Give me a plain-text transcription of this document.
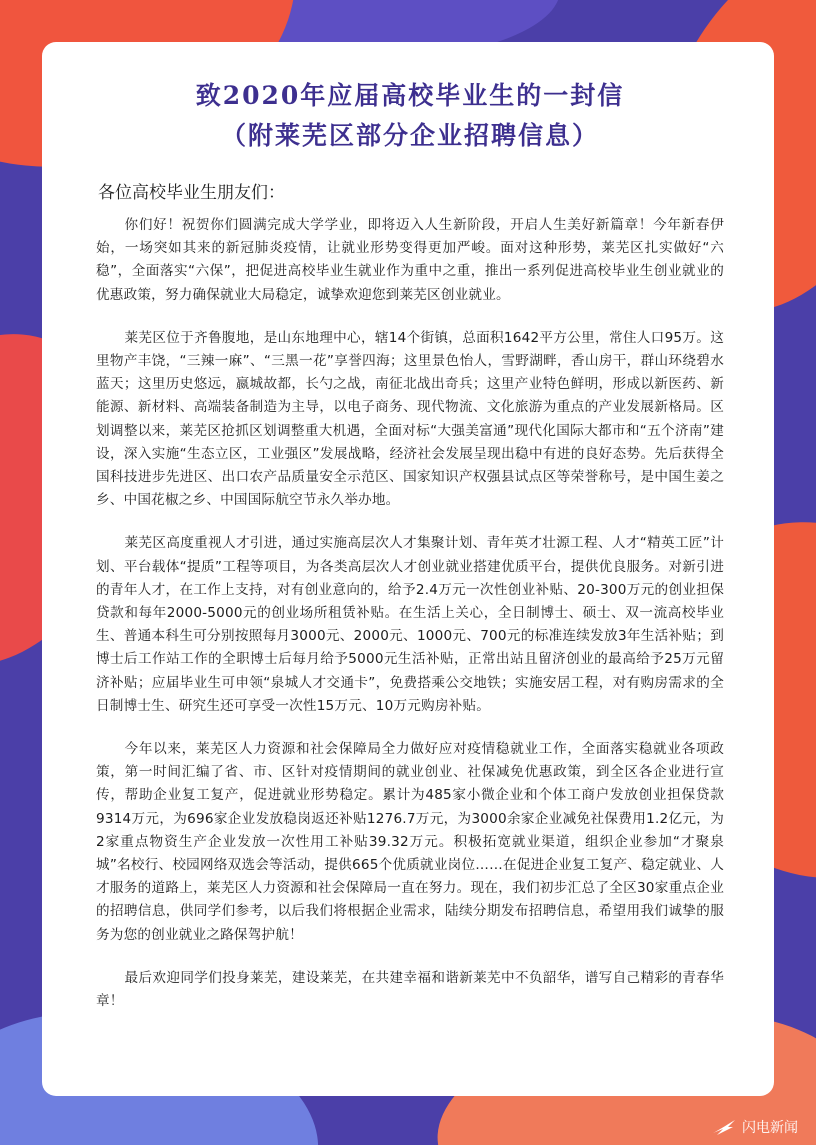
致2020年应届高校毕业生的一封信
（附莱芜区部分企业招聘信息）
各位高校毕业生朋友们：

你们好！祝贺你们圆满完成大学学业，即将迈入人生新阶段，开启人生美好新篇章！今年新春伊始，一场突如其来的新冠肺炎疫情，让就业形势变得更加严峻。面对这种形势，莱芜区扎实做好“六稳”，全面落实“六保”，把促进高校毕业生就业作为重中之重，推出一系列促进高校毕业生创业就业的优惠政策，努力确保就业大局稳定，诚挚欢迎您到莱芜区创业就业。

莱芜区位于齐鲁腹地，是山东地理中心，辖14个街镇，总面积1642平方公里，常住人口95万。这里物产丰饶，“三辣一麻”、“三黑一花”享誉四海；这里景色怡人，雪野湖畔，香山房干，群山环绕碧水蓝天；这里历史悠远，嬴城故都，长勺之战，南征北战出奇兵；这里产业特色鲜明，形成以新医药、新能源、新材料、高端装备制造为主导，以电子商务、现代物流、文化旅游为重点的产业发展新格局。区划调整以来，莱芜区抢抓区划调整重大机遇，全面对标“大强美富通”现代化国际大都市和“五个济南”建设，深入实施“生态立区，工业强区”发展战略，经济社会发展呈现出稳中有进的良好态势。先后获得全国科技进步先进区、出口农产品质量安全示范区、国家知识产权强县试点区等荣誉称号，是中国生姜之乡、中国花椒之乡、中国国际航空节永久举办地。

莱芜区高度重视人才引进，通过实施高层次人才集聚计划、青年英才壮源工程、人才“精英工匠”计划、平台载体“提质”工程等项目，为各类高层次人才创业就业搭建优质平台，提供优良服务。对新引进的青年人才，在工作上支持，对有创业意向的，给予2.4万元一次性创业补贴、20-300万元的创业担保贷款和每年2000-5000元的创业场所租赁补贴。在生活上关心，全日制博士、硕士、双一流高校毕业生、普通本科生可分别按照每月3000元、2000元、1000元、700元的标准连续发放3年生活补贴；到博士后工作站工作的全职博士后每月给予5000元生活补贴，正常出站且留济创业的最高给予25万元留济补贴；应届毕业生可申领“泉城人才交通卡”，免费搭乘公交地铁；实施安居工程，对有购房需求的全日制博士生、研究生还可享受一次性15万元、10万元购房补贴。

今年以来，莱芜区人力资源和社会保障局全力做好应对疫情稳就业工作，全面落实稳就业各项政策，第一时间汇编了省、市、区针对疫情期间的就业创业、社保减免优惠政策，到全区各企业进行宣传，帮助企业复工复产，促进就业形势稳定。累计为485家小微企业和个体工商户发放创业担保贷款9314万元，为696家企业发放稳岗返还补贴1276.7万元，为3000余家企业减免社保费用1.2亿元，为2家重点物资生产企业发放一次性用工补贴39.32万元。积极拓宽就业渠道，组织企业参加“才聚泉城”名校行、校园网络双选会等活动，提供665个优质就业岗位……在促进企业复工复产、稳定就业、人才服务的道路上，莱芜区人力资源和社会保障局一直在努力。现在，我们初步汇总了全区30家重点企业的招聘信息，供同学们参考，以后我们将根据企业需求，陆续分期发布招聘信息，希望用我们诚挚的服务为您的创业就业之路保驾护航！

最后欢迎同学们投身莱芜，建设莱芜，在共建幸福和谐新莱芜中不负韶华，谱写自己精彩的青春华章！

闪电新闻
